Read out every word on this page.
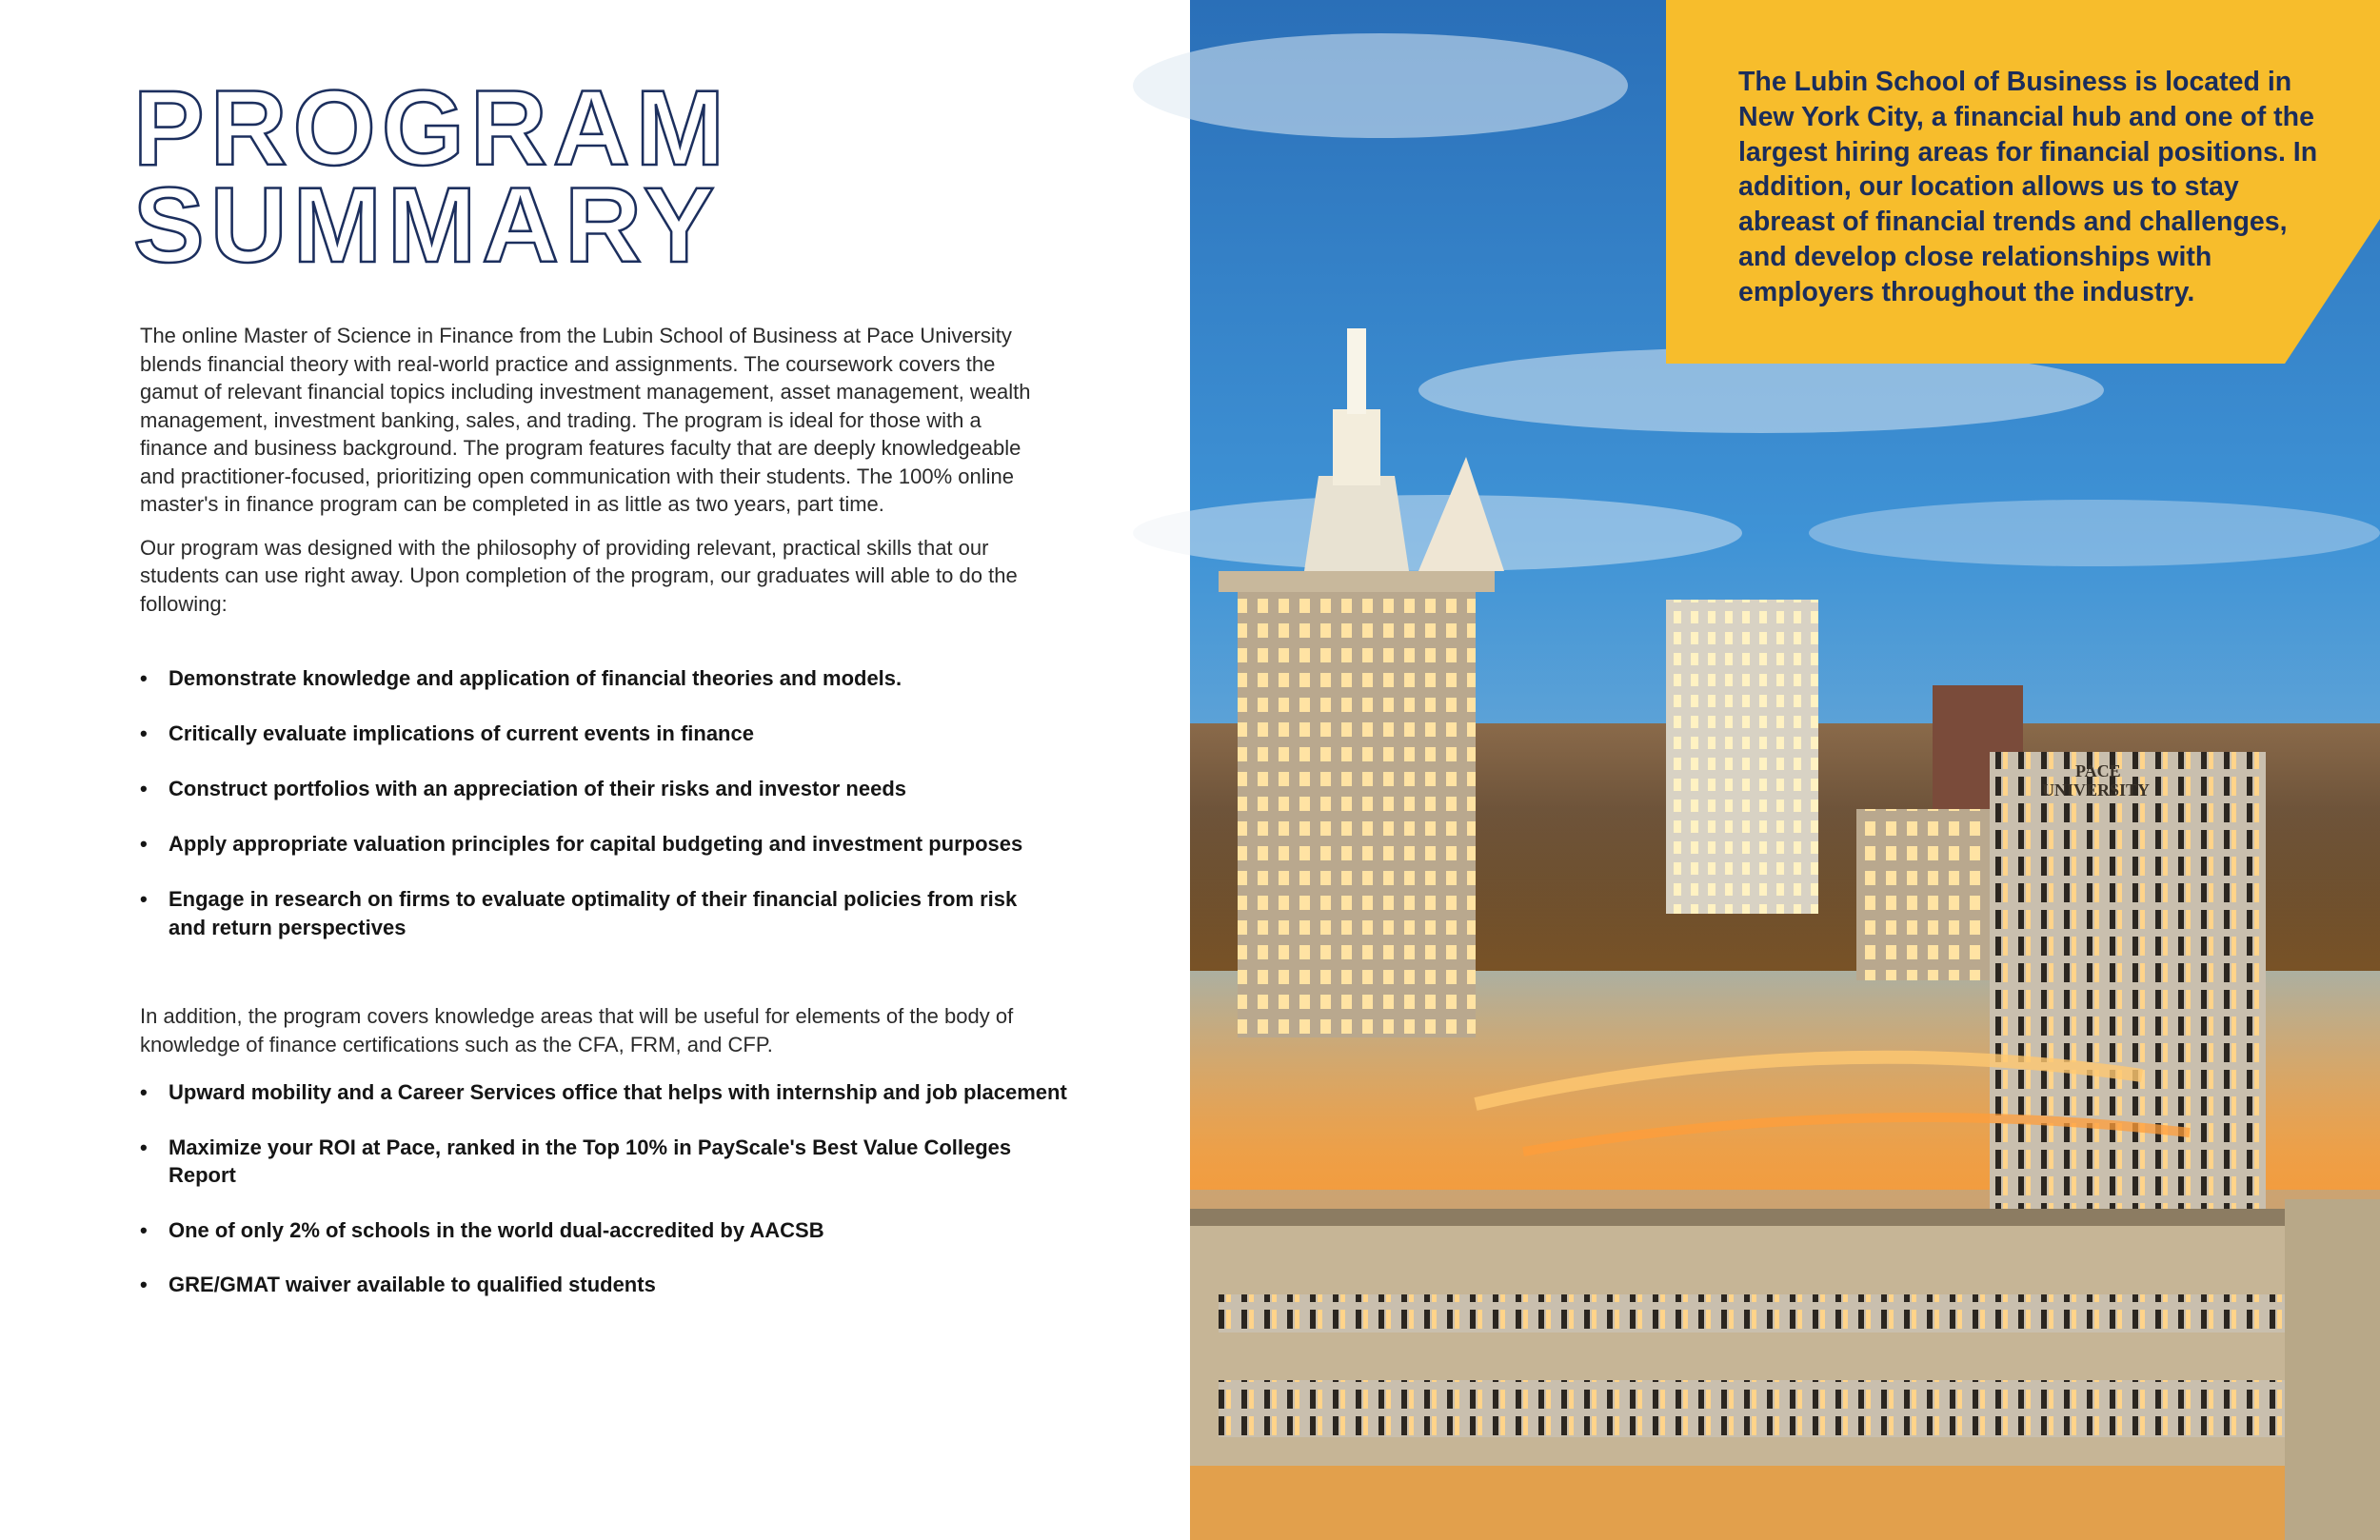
PROGRAM
SUMMARY

The online Master of Science in Finance from the Lubin School of Business at Pace University blends financial theory with real-world practice and assignments. The coursework covers the gamut of relevant financial topics including investment management, asset management, wealth management, investment banking, sales, and trading. The program is ideal for those with a finance and business background. The program features faculty that are deeply knowledgeable and practitioner-focused, prioritizing open communication with their students. The 100% online master's in finance program can be completed in as little as two years, part time.

Our program was designed with the philosophy of providing relevant, practical skills that our students can use right away. Upon completion of the program, our graduates will able to do the following:

• Demonstrate knowledge and application of financial theories and models.
• Critically evaluate implications of current events in finance
• Construct portfolios with an appreciation of their risks and investor needs
• Apply appropriate valuation principles for capital budgeting and investment purposes
• Engage in research on firms to evaluate optimality of their financial policies from risk and return perspectives

In addition, the program covers knowledge areas that will be useful for elements of the body of knowledge of finance certifications such as the CFA, FRM, and CFP.

• Upward mobility and a Career Services office that helps with internship and job placement
• Maximize your ROI at Pace, ranked in the Top 10% in PayScale's Best Value Colleges Report
• One of only 2% of schools in the world dual-accredited by AACSB
• GRE/GMAT waiver available to qualified students
PACE
UNIVERSITY

The Lubin School of Business is located in New York City, a financial hub and one of the largest hiring areas for financial positions. In addition, our location allows us to stay abreast of financial trends and challenges, and develop close relationships with employers throughout the industry.
